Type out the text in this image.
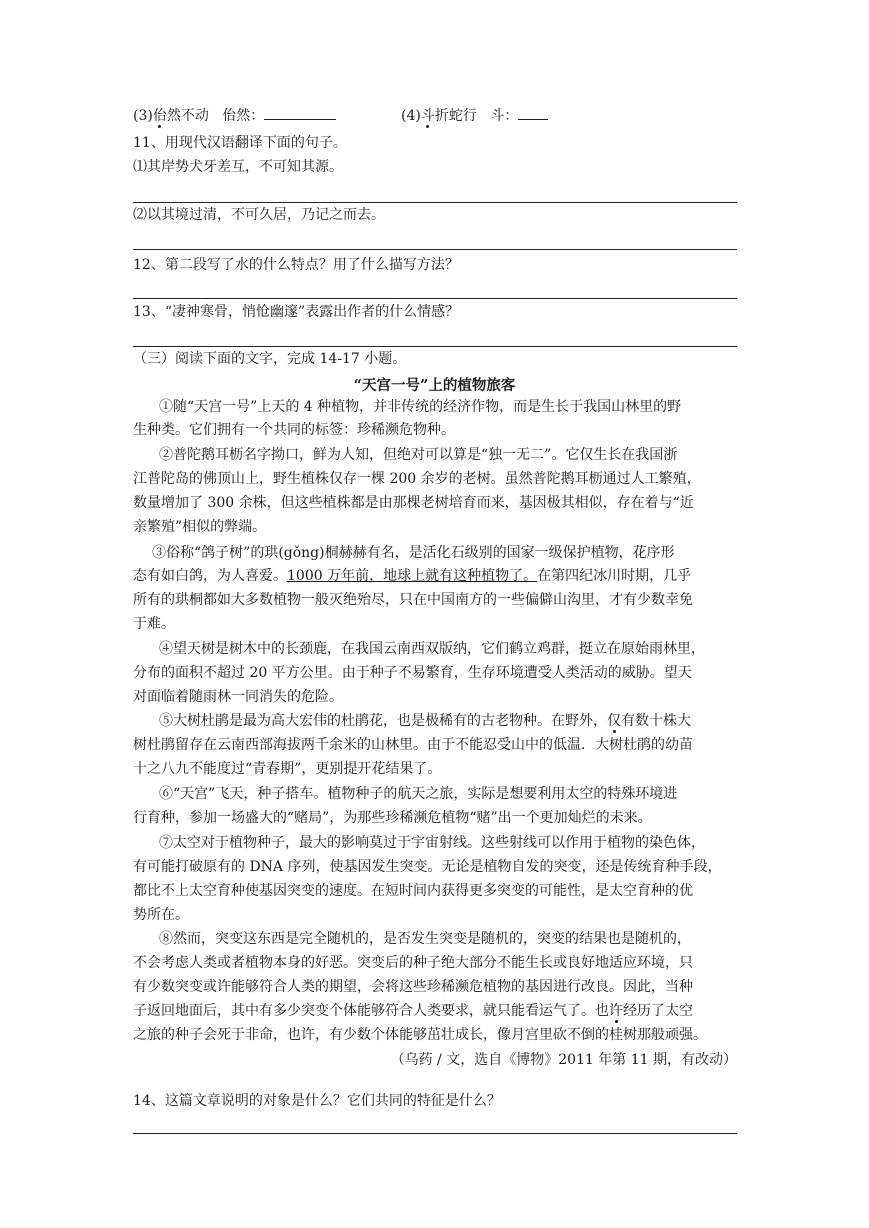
(3)佁然不动 佁然：	(4)斗折蛇行 斗：
11、用现代汉语翻译下面的句子。
⑴其岸势犬牙差互，不可知其源。
⑵以其境过清，不可久居，乃记之而去。
12、第二段写了水的什么特点？用了什么描写方法？
13、“凄神寒骨，悄怆幽邃”表露出作者的什么情感？
（三）阅读下面的文字，完成 14-17 小题。
“天宫一号”上的植物旅客
①随“天宫一号”上天的 4 种植物，并非传统的经济作物，而是生长于我国山林里的野
生种类。它们拥有一个共同的标签：珍稀濒危物种。
②普陀鹅耳枥名字拗口，鲜为人知，但绝对可以算是“独一无二”。它仅生长在我国浙
江普陀岛的佛顶山上，野生植株仅存一棵 200 余岁的老树。虽然普陀鹅耳枥通过人工繁殖，
数量增加了 300 余株，但这些植株都是由那棵老树培育而来，基因极其相似，存在着与“近
亲繁殖”相似的弊端。
③俗称“鸽子树”的珙(gǒng)桐赫赫有名，是活化石级别的国家一级保护植物，花序形
态有如白鸽，为人喜爱。1000 万年前，地球上就有这种植物了。在第四纪冰川时期，几乎
所有的珙桐都如大多数植物一般灭绝殆尽，只在中国南方的一些偏僻山沟里，才有少数幸免
于难。
④望天树是树木中的长颈鹿，在我国云南西双版纳，它们鹤立鸡群，挺立在原始雨林里，
分布的面积不超过 20 平方公里。由于种子不易繁育，生存环境遭受人类活动的威胁。望天
对面临着随雨林一同消失的危险。
⑤大树杜鹃是最为高大宏伟的杜鹃花，也是极稀有的古老物种。在野外，仅有数十株大
树杜鹃留存在云南西部海拔两千余米的山林里。由于不能忍受山中的低温．大树杜鹃的幼苗
十之八九不能度过“青春期”，更别提开花结果了。
⑥“天宫”飞天，种子搭车。植物种子的航天之旅，实际是想要利用太空的特殊环境进
行育种，参加一场盛大的“赌局”，为那些珍稀濒危植物“赌”出一个更加灿烂的未来。
⑦太空对于植物种子，最大的影响莫过于宇宙射线。这些射线可以作用于植物的染色体，
有可能打破原有的 DNA 序列，使基因发生突变。无论是植物自发的突变，还是传统育种手段，
都比不上太空育种使基因突变的速度。在短时间内获得更多突变的可能性，是太空育种的优
势所在。
⑧然而，突变这东西是完全随机的，是否发生突变是随机的，突变的结果也是随机的，
不会考虑人类或者植物本身的好恶。突变后的种子绝大部分不能生长或良好地适应环境，只
有少数突变或许能够符合人类的期望，会将这些珍稀濒危植物的基因进行改良。因此，当种
子返回地面后，其中有多少突变个体能够符合人类要求，就只能看运气了。也许经历了太空
之旅的种子会死于非命，也许，有少数个体能够茁壮成长，像月宫里砍不倒的桂树那般顽强。
（乌药 / 文，选自《博物》2011 年第 11 期，有改动）
14、这篇文章说明的对象是什么？它们共同的特征是什么？
